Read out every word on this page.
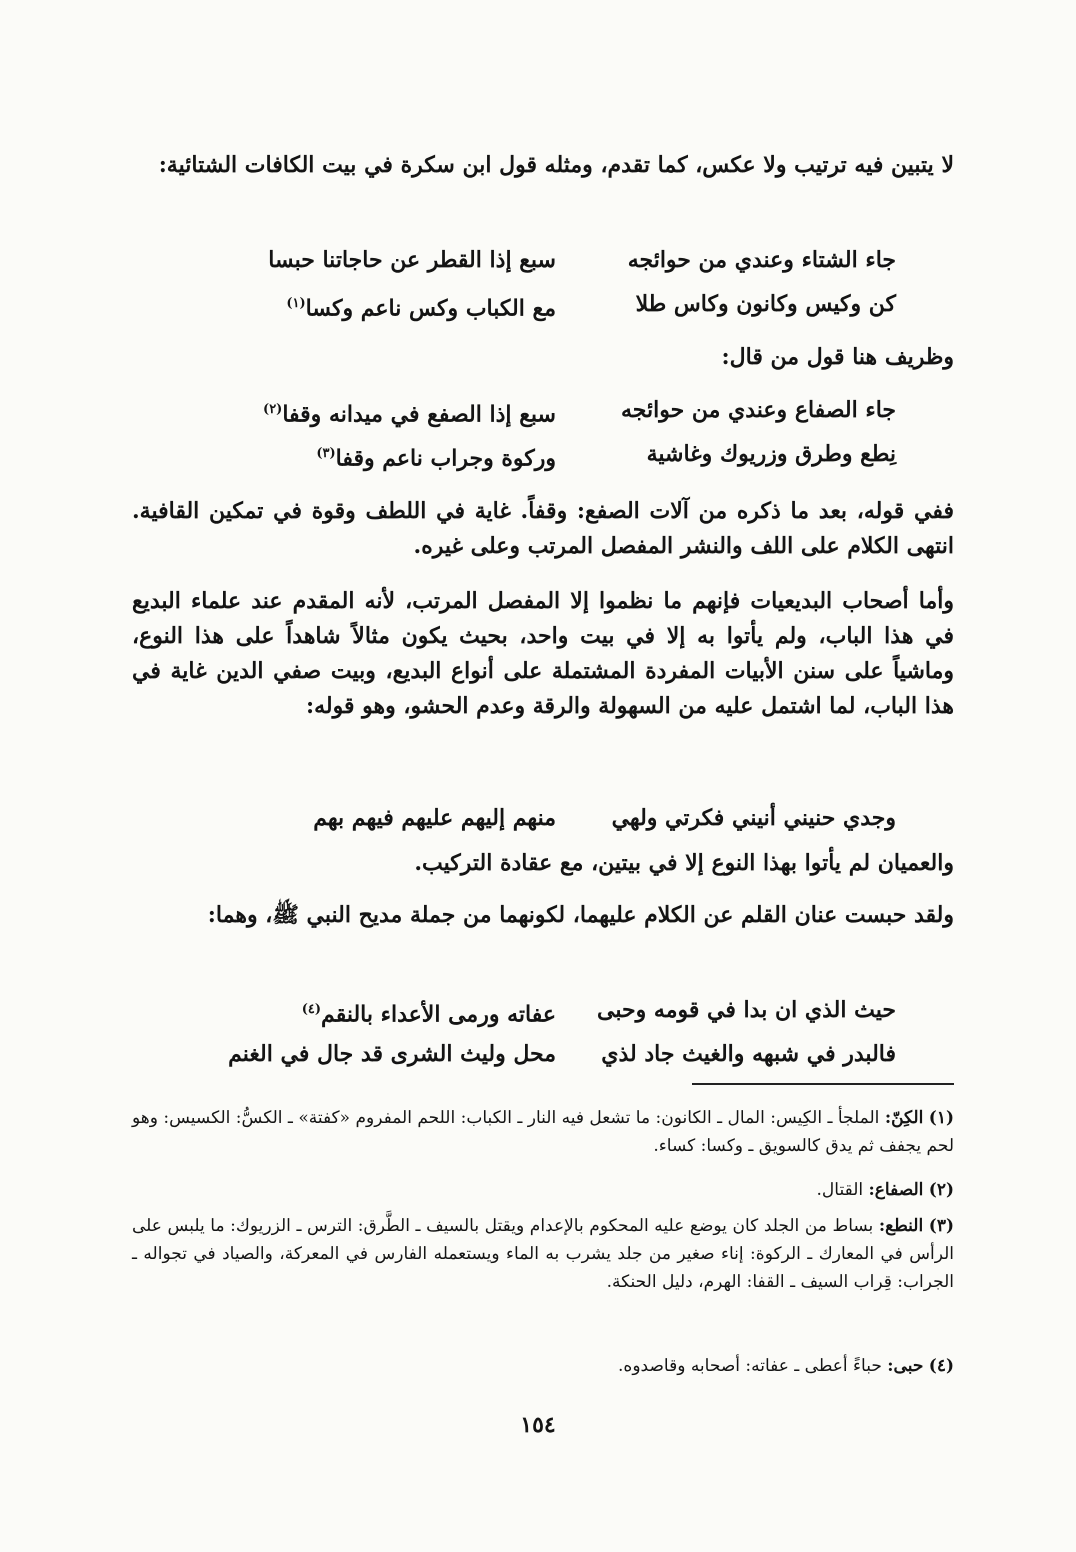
لا يتبين فيه ترتيب ولا عكس، كما تقدم، ومثله قول ابن سكرة في بيت الكافات الشتائية:
جاء الشتاء وعندي من حوائجه
سبع إذا القطر عن حاجاتنا حبسا
كن وكيس وكانون وكاس طلا
مع الكباب وكس ناعم وكسا$^{(١)}$
وظريف هنا قول من قال:
جاء الصفاع وعندي من حوائجه
سبع إذا الصفع في ميدانه وقفا$^{(٢)}$
نِطع وطرق وزريوك وغاشية
وركوة وجراب ناعم وقفا$^{(٣)}$
ففي قوله، بعد ما ذكره من آلات الصفع: وقفاً. غاية في اللطف وقوة في تمكين القافية. انتهى الكلام على اللف والنشر المفصل المرتب وعلى غيره.
وأما أصحاب البديعيات فإنهم ما نظموا إلا المفصل المرتب، لأنه المقدم عند علماء البديع في هذا الباب، ولم يأتوا به إلا في بيت واحد، بحيث يكون مثالاً شاهداً على هذا النوع، وماشياً على سنن الأبيات المفردة المشتملة على أنواع البديع، وبيت صفي الدين غاية في هذا الباب، لما اشتمل عليه من السهولة والرقة وعدم الحشو، وهو قوله:
وجدي حنيني أنيني فكرتي ولهي
منهم إليهم عليهم فيهم بهم
والعميان لم يأتوا بهذا النوع إلا في بيتين، مع عقادة التركيب.
ولقد حبست عنان القلم عن الكلام عليهما، لكونهما من جملة مديح النبي ﷺ، وهما:
حيث الذي ان بدا في قومه وحبى
عفاته ورمى الأعداء بالنقم$^{(٤)}$
فالبدر في شبهه والغيث جاد لذي
محل وليث الشرى قد جال في الغنم
(١) الكِنّ: الملجأ ـ الكِيس: المال ـ الكانون: ما تشعل فيه النار ـ الكباب: اللحم المفروم «كفتة» ـ الكسُّ: الكسيس: وهو لحم يجفف ثم يدق كالسويق ـ وكسا: كساء.
(٢) الصفاع: القتال.
(٣) النطع: بساط من الجلد كان يوضع عليه المحكوم بالإعدام ويقتل بالسيف ـ الطَّرق: الترس ـ الزريوك: ما يلبس على الرأس في المعارك ـ الركوة: إناء صغير من جلد يشرب به الماء ويستعمله الفارس في المعركة، والصياد في تجواله ـ الجراب: قِراب السيف ـ القفا: الهرم، دليل الحنكة.
(٤) حبى: حباءً أعطى ـ عفاته: أصحابه وقاصدوه.
١٥٤
